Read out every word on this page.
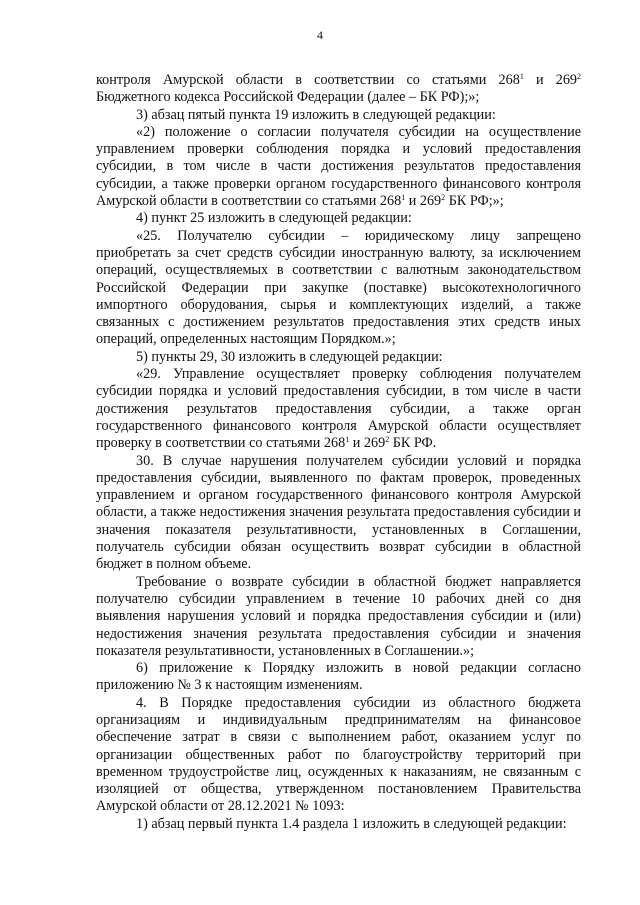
4

контроля Амурской области в соответствии со статьями $268^1$ и $269^2$ Бюджетного кодекса Российской Федерации (далее – БК РФ);»;

3) абзац пятый пункта 19 изложить в следующей редакции:

«2) положение о согласии получателя субсидии на осуществление управлением проверки соблюдения порядка и условий предоставления субсидии, в том числе в части достижения результатов предоставления субсидии, а также проверки органом государственного финансового контроля Амурской области в соответствии со статьями $268^1$ и $269^2$ БК РФ;»;

4) пункт 25 изложить в следующей редакции:

«25. Получателю субсидии – юридическому лицу запрещено приобретать за счет средств субсидии иностранную валюту, за исключением операций, осуществляемых в соответствии с валютным законодательством Российской Федерации при закупке (поставке) высокотехнологичного импортного оборудования, сырья и комплектующих изделий, а также связанных с достижением результатов предоставления этих средств иных операций, определенных настоящим Порядком.»;

5) пункты 29, 30 изложить в следующей редакции:

«29. Управление осуществляет проверку соблюдения получателем субсидии порядка и условий предоставления субсидии, в том числе в части достижения результатов предоставления субсидии, а также орган государственного финансового контроля Амурской области осуществляет проверку в соответствии со статьями $268^1$ и $269^2$ БК РФ.

30. В случае нарушения получателем субсидии условий и порядка предоставления субсидии, выявленного по фактам проверок, проведенных управлением и органом государственного финансового контроля Амурской области, а также недостижения значения результата предоставления субсидии и значения показателя результативности, установленных в Соглашении, получатель субсидии обязан осуществить возврат субсидии в областной бюджет в полном объеме.

Требование о возврате субсидии в областной бюджет направляется получателю субсидии управлением в течение 10 рабочих дней со дня выявления нарушения условий и порядка предоставления субсидии и (или) недостижения значения результата предоставления субсидии и значения показателя результативности, установленных в Соглашении.»;

6) приложение к Порядку изложить в новой редакции согласно приложению № 3 к настоящим изменениям.

4. В Порядке предоставления субсидии из областного бюджета организациям и индивидуальным предпринимателям на финансовое обеспечение затрат в связи с выполнением работ, оказанием услуг по организации общественных работ по благоустройству территорий при временном трудоустройстве лиц, осужденных к наказаниям, не связанным с изоляцией от общества, утвержденном постановлением Правительства Амурской области от 28.12.2021 № 1093:

1) абзац первый пункта 1.4 раздела 1 изложить в следующей редакции:
